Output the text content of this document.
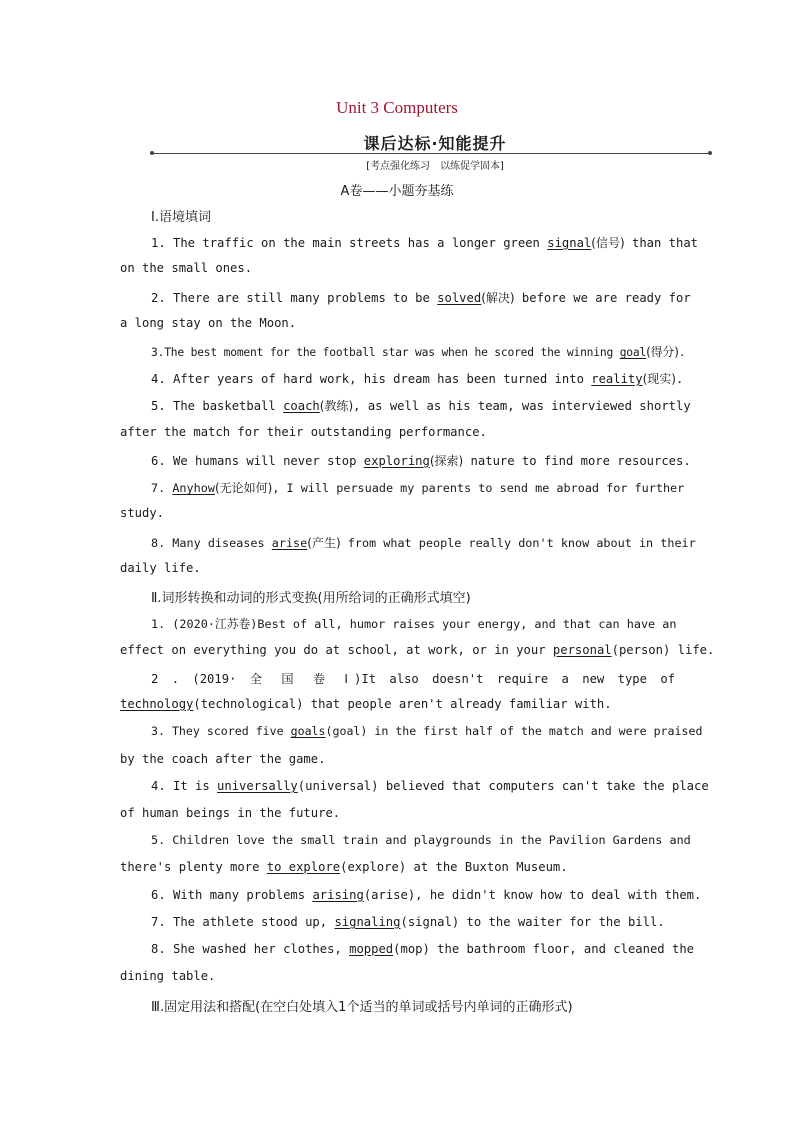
Unit 3 Computers
课后达标·知能提升
[考点强化练习　以练促学固本]
A卷——小题夯基练
Ⅰ.语境填词
1. The traffic on the main streets has a longer green signal(信号) than that
on the small ones.
2. There are still many problems to be solved(解决) before we are ready for
a long stay on the Moon.
3.The best moment for the football star was when he scored the winning goal(得分).
4. After years of hard work, his dream has been turned into reality(现实).
5. The basketball coach(教练), as well as his team, was interviewed shortly
after the match for their outstanding performance.
6. We humans will never stop exploring(探索) nature to find more resources.
7. Anyhow(无论如何), I will persuade my parents to send me abroad for further
study.
8. Many diseases arise(产生) from what people really don't know about in their
daily life.
Ⅱ.词形转换和动词的形式变换(用所给词的正确形式填空)
1. (2020·江苏卷)Best of all, humor raises your energy, and that can have an
effect on everything you do at school, at work, or in your personal(person) life.
2 . (2019· 全 国 卷 Ⅰ)It also doesn't require a new type of
technology(technological) that people aren't already familiar with.
3. They scored five goals(goal) in the first half of the match and were praised
by the coach after the game.
4. It is universally(universal) believed that computers can't take the place
of human beings in the future.
5. Children love the small train and playgrounds in the Pavilion Gardens and
there's plenty more to explore(explore) at the Buxton Museum.
6. With many problems arising(arise), he didn't know how to deal with them.
7. The athlete stood up, signaling(signal) to the waiter for the bill.
8. She washed her clothes, mopped(mop) the bathroom floor, and cleaned the
dining table.
Ⅲ.固定用法和搭配(在空白处填入1个适当的单词或括号内单词的正确形式)
